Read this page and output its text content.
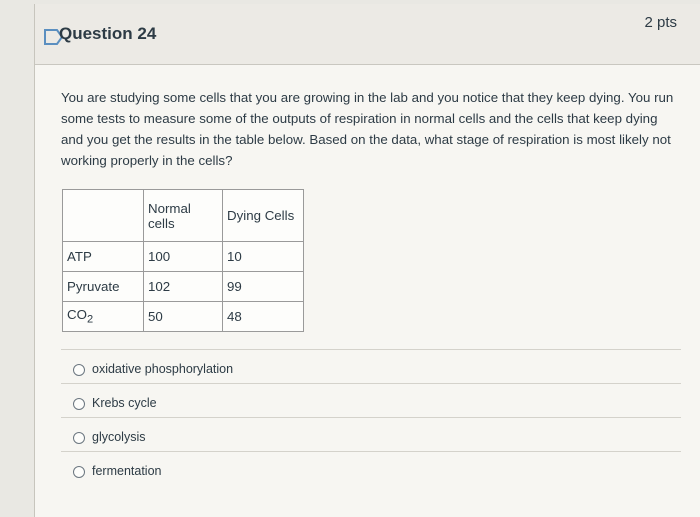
Question 24
2 pts
You are studying some cells that you are growing in the lab and you notice that they keep dying. You run some tests to measure some of the outputs of respiration in normal cells and the cells that keep dying and you get the results in the table below. Based on the data, what stage of respiration is most likely not working properly in the cells?
	Normal cells	Dying Cells
ATP	100	10
Pyruvate	102	99
$CO_2$	50	48
oxidative phosphorylation
Krebs cycle
glycolysis
fermentation
